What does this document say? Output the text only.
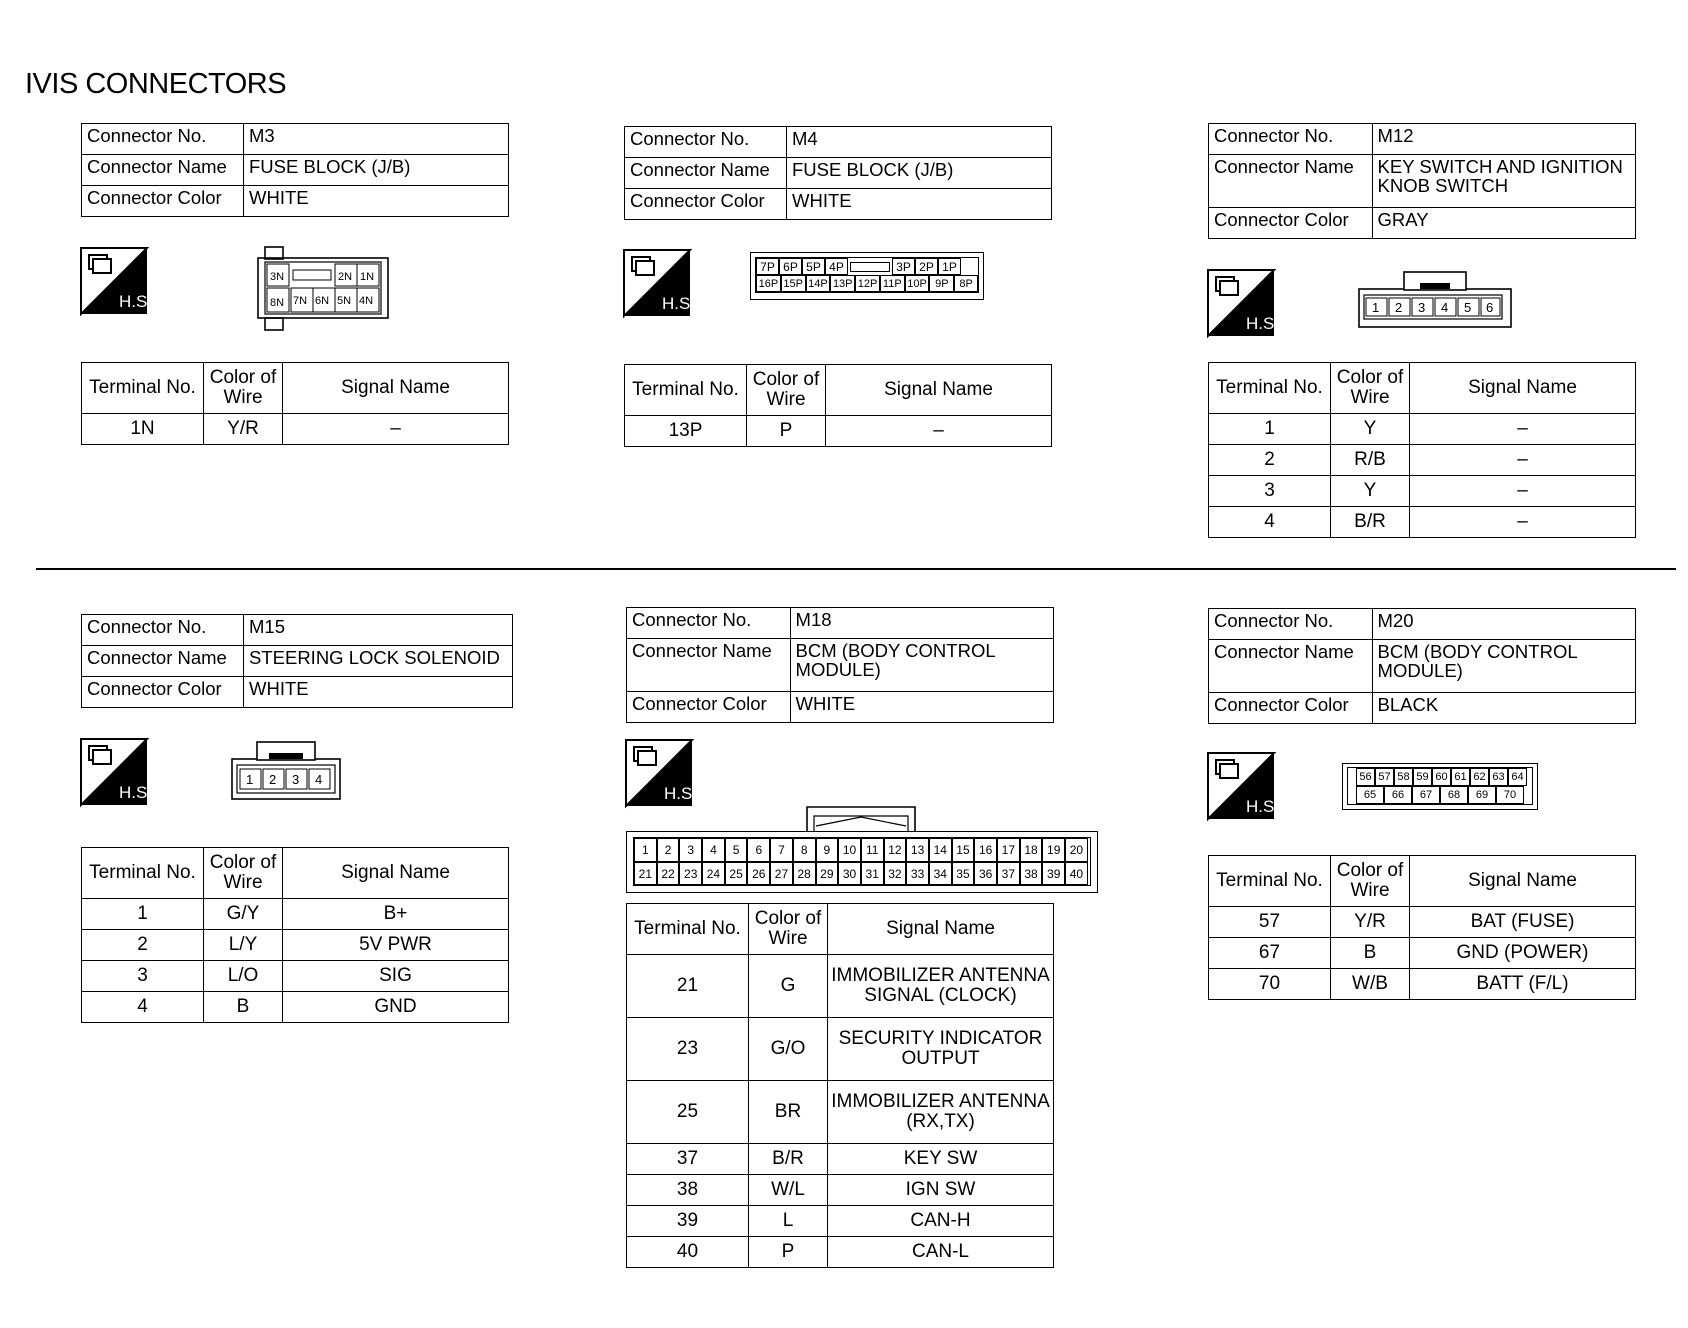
IVIS CONNECTORS
Connector No.	M3
Connector Name	FUSE BLOCK (J/B)
Connector Color	WHITE
H.S.
3N	2N 1N
8N 7N 6N 5N 4N
Terminal No.	Color of Wire	Signal Name
1N	Y/R	–
Connector No.	M4
Connector Name	FUSE BLOCK (J/B)
Connector Color	WHITE
H.S.
7P 6P 5P 4P	3P 2P 1P
16P 15P 14P 13P 12P 11P 10P 9P 8P
Terminal No.	Color of Wire	Signal Name
13P	P	–
Connector No.	M12
Connector Name	KEY SWITCH AND IGNITION KNOB SWITCH
Connector Color	GRAY
H.S.
1 2 3 4 5 6
Terminal No.	Color of Wire	Signal Name
1	Y	–
2	R/B	–
3	Y	–
4	B/R	–
Connector No.	M15
Connector Name	STEERING LOCK SOLENOID
Connector Color	WHITE
H.S.
1 2 3 4
Terminal No.	Color of Wire	Signal Name
1	G/Y	B+
2	L/Y	5V PWR
3	L/O	SIG
4	B	GND
Connector No.	M18
Connector Name	BCM (BODY CONTROL MODULE)
Connector Color	WHITE
H.S.
1	2	3	4	5	6	7	8	9	10 11 12 13 14 15 16 17 18 19 20
21 22 23 24 25 26 27 28 29 30 31 32 33 34 35 36 37 38 39 40
Terminal No.	Color of Wire	Signal Name
21	G	IMMOBILIZER ANTENNA SIGNAL (CLOCK)
23	G/O	SECURITY INDICATOR OUTPUT
25	BR	IMMOBILIZER ANTENNA (RX,TX)
37	B/R	KEY SW
38	W/L	IGN SW
39	L	CAN-H
40	P	CAN-L
Connector No.	M20
Connector Name	BCM (BODY CONTROL MODULE)
Connector Color	BLACK
H.S.
56 57 58 59 60 61 62 63 64
65	66	67	68	69	70
Terminal No.	Color of Wire	Signal Name
57	Y/R	BAT (FUSE)
67	B	GND (POWER)
70	W/B	BATT (F/L)
